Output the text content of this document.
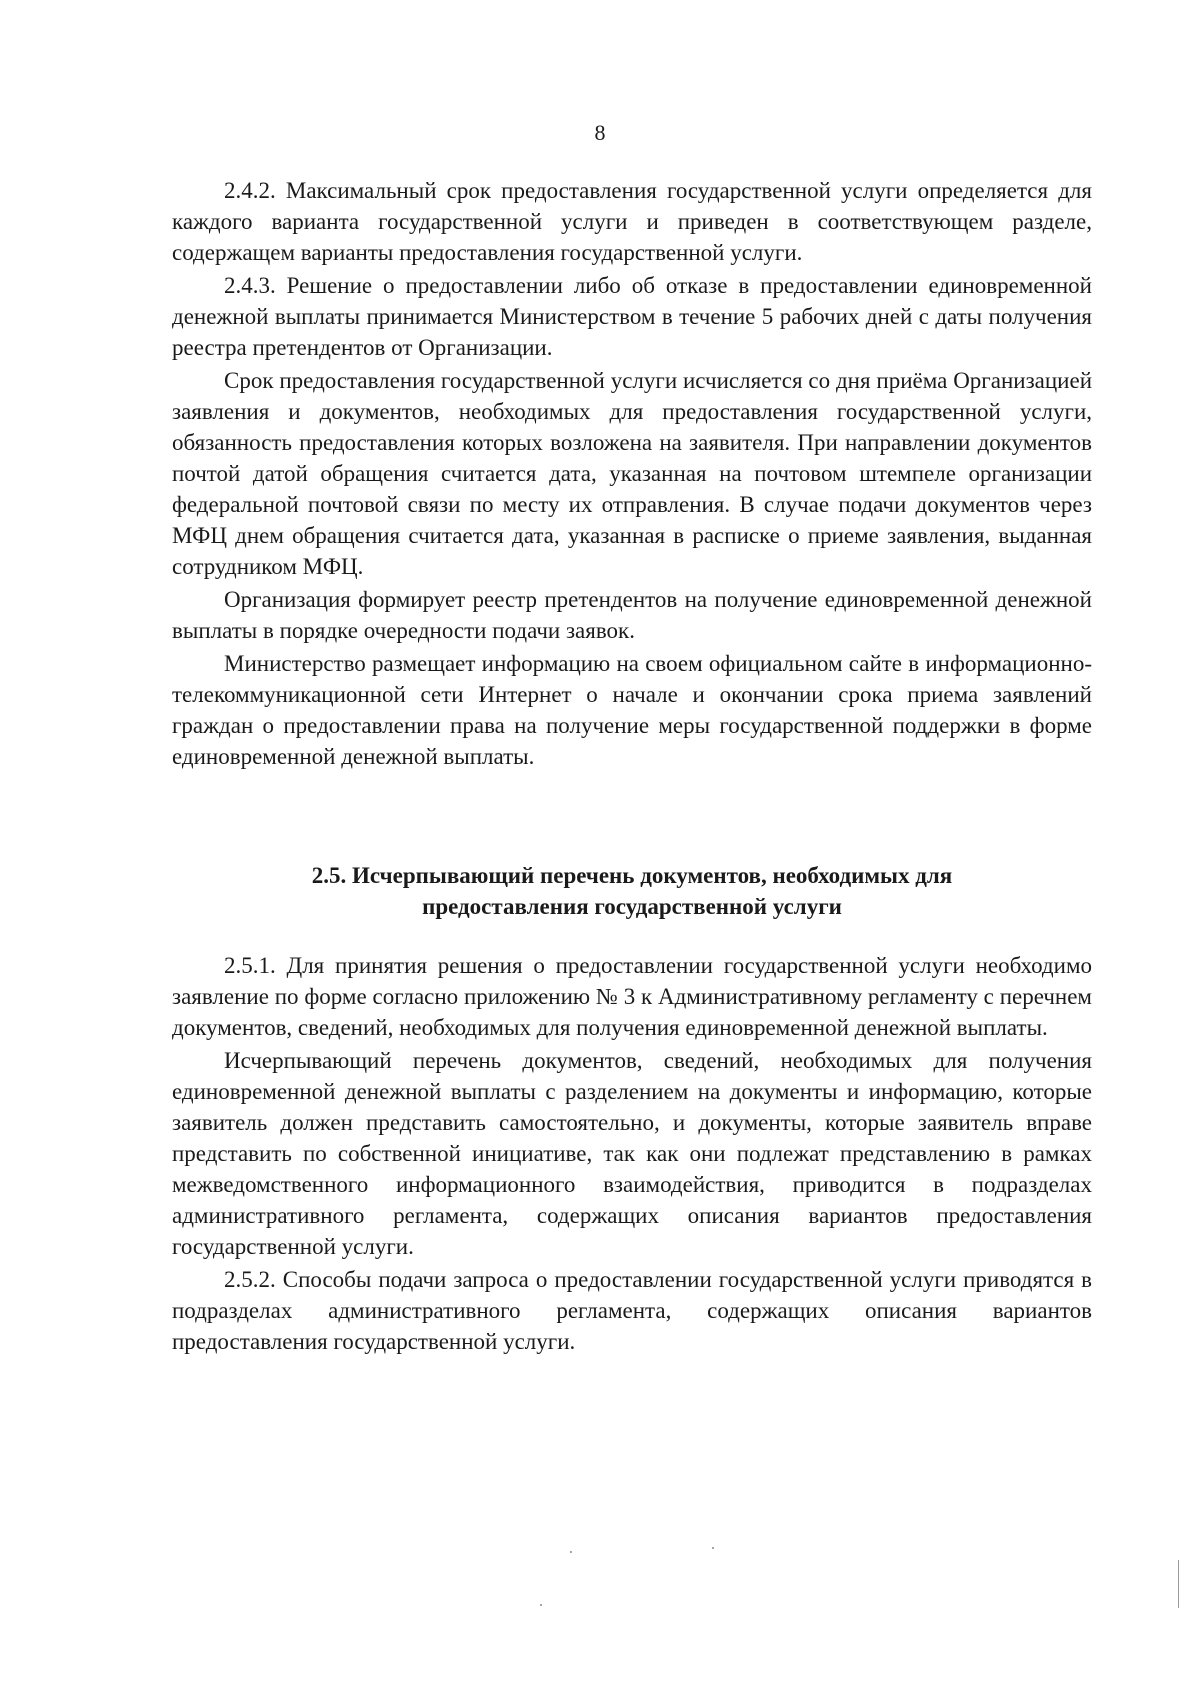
8

2.4.2. Максимальный срок предоставления государственной услуги определяется для каждого варианта государственной услуги и приведен в соответствующем разделе, содержащем варианты предоставления государственной услуги.

2.4.3. Решение о предоставлении либо об отказе в предоставлении единовременной денежной выплаты принимается Министерством в течение 5 рабочих дней с даты получения реестра претендентов от Организации.

Срок предоставления государственной услуги исчисляется со дня приёма Организацией заявления и документов, необходимых для предоставления государственной услуги, обязанность предоставления которых возложена на заявителя. При направлении документов почтой датой обращения считается дата, указанная на почтовом штемпеле организации федеральной почтовой связи по месту их отправления. В случае подачи документов через МФЦ днем обращения считается дата, указанная в расписке о приеме заявления, выданная сотрудником МФЦ.

Организация формирует реестр претендентов на получение единовременной денежной выплаты в порядке очередности подачи заявок.

Министерство размещает информацию на своем официальном сайте в информационно-телекоммуникационной сети Интернет о начале и окончании срока приема заявлений граждан о предоставлении права на получение меры государственной поддержки в форме единовременной денежной выплаты.

2.5. Исчерпывающий перечень документов, необходимых для
предоставления государственной услуги

2.5.1. Для принятия решения о предоставлении государственной услуги необходимо заявление по форме согласно приложению № 3 к Административному регламенту с перечнем документов, сведений, необходимых для получения единовременной денежной выплаты.

Исчерпывающий перечень документов, сведений, необходимых для получения единовременной денежной выплаты с разделением на документы и информацию, которые заявитель должен представить самостоятельно, и документы, которые заявитель вправе представить по собственной инициативе, так как они подлежат представлению в рамках межведомственного информационного взаимодействия, приводится в подразделах административного регламента, содержащих описания вариантов предоставления государственной услуги.

2.5.2. Способы подачи запроса о предоставлении государственной услуги приводятся в подразделах административного регламента, содержащих описания вариантов предоставления государственной услуги.
